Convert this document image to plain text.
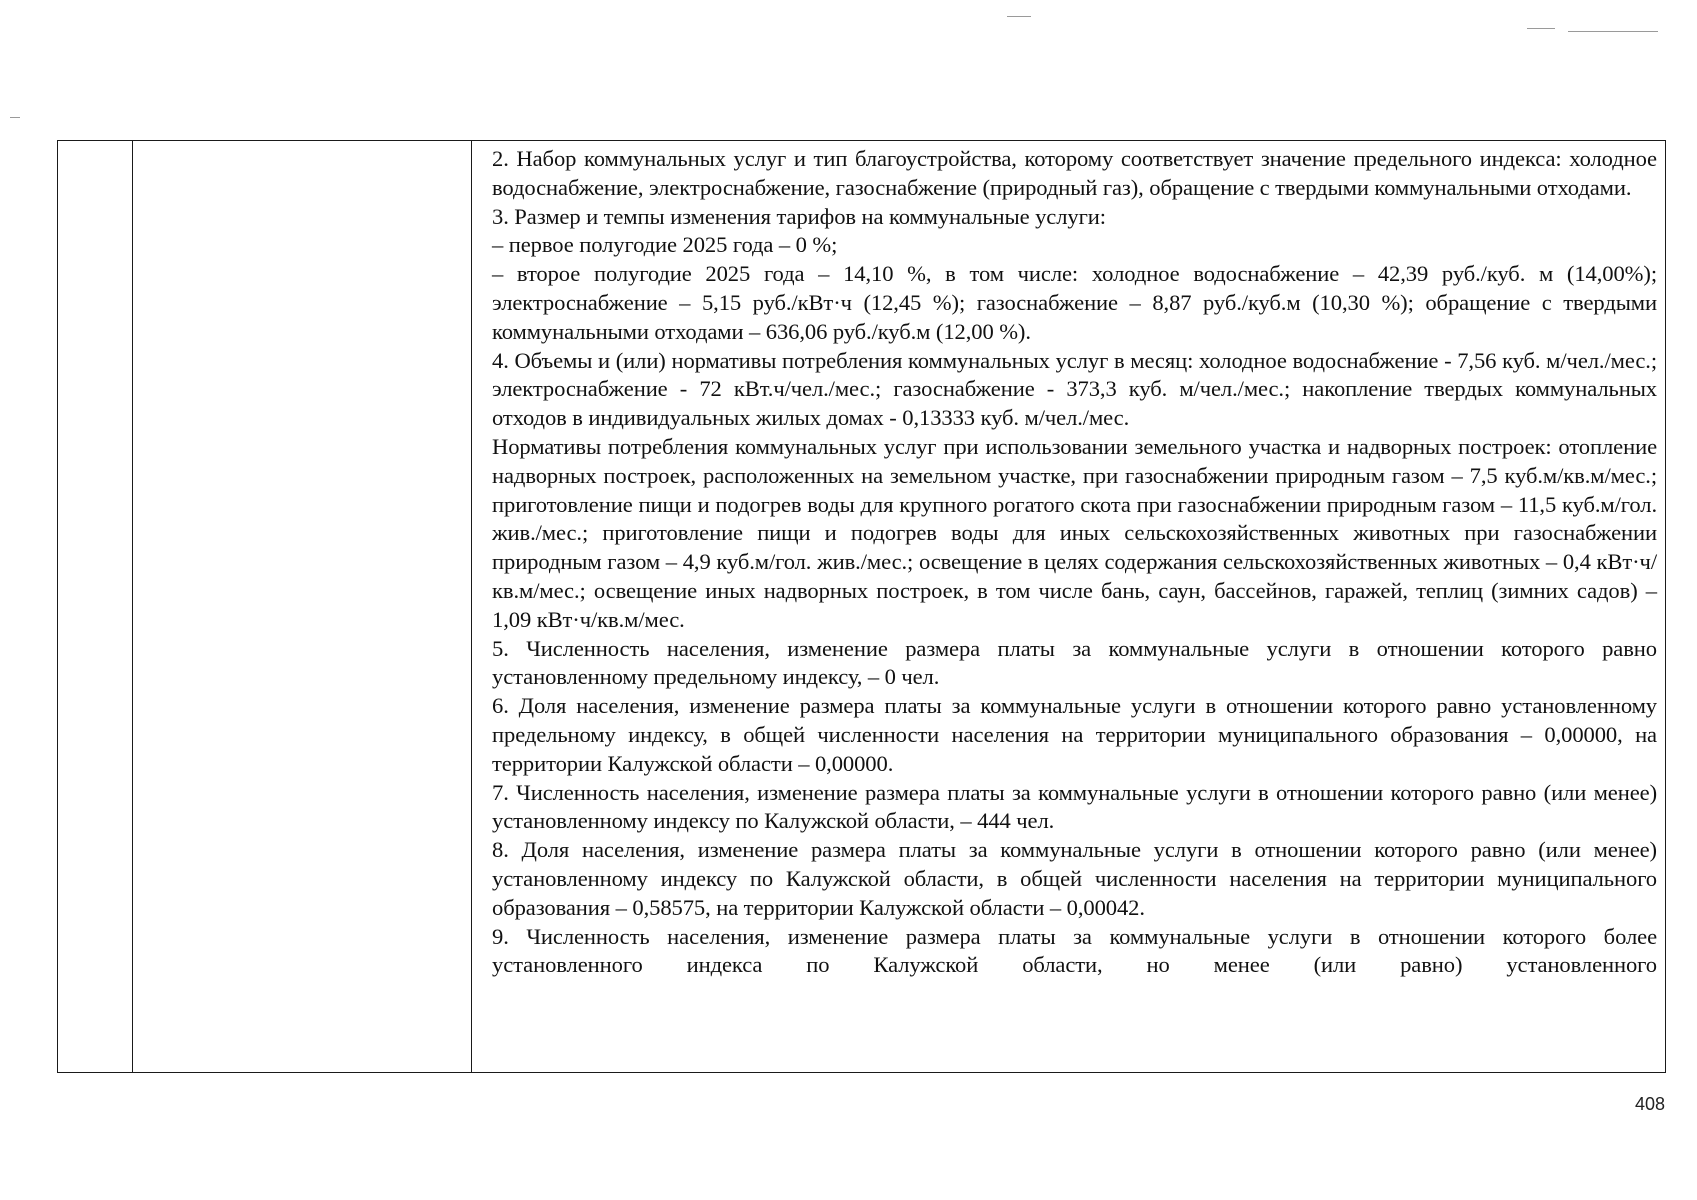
2. Набор коммунальных услуг и тип благоустройства, которому соответствует значение предельного индекса: холодное водоснабжение, электроснабжение, газоснабжение (природный газ), обращение с твердыми коммунальными отходами.

3. Размер и темпы изменения тарифов на коммунальные услуги:

– первое полугодие 2025 года – 0 %;

– второе полугодие 2025 года – 14,10 %, в том числе: холодное водоснабжение – 42,39 руб./куб. м (14,00%); электроснабжение – 5,15 руб./кВт·ч (12,45 %); газоснабжение – 8,87 руб./куб.м (10,30 %); обращение с твердыми коммунальными отходами – 636,06 руб./куб.м (12,00 %).

4. Объемы и (или) нормативы потребления коммунальных услуг в месяц: холодное водоснабжение - 7,56 куб. м/чел./мес.; электроснабжение - 72 кВт.ч/чел./мес.; газоснабжение - 373,3 куб. м/чел./мес.; накопление твердых коммунальных отходов в индивидуальных жилых домах - 0,13333 куб. м/чел./мес.

Нормативы потребления коммунальных услуг при использовании земельного участка и надворных построек: отопление надворных построек, расположенных на земельном участке, при газоснабжении природным газом – 7,5 куб.м/кв.м/мес.; приготовление пищи и подогрев воды для крупного рогатого скота при газоснабжении природным газом – 11,5 куб.м/гол. жив./мес.; приготовление пищи и подогрев воды для иных сельскохозяйственных животных при газоснабжении природным газом – 4,9 куб.м/гол. жив./мес.; освещение в целях содержания сельскохозяйственных животных – 0,4 кВт·ч/кв.м/мес.; освещение иных надворных построек, в том числе бань, саун, бассейнов, гаражей, теплиц (зимних садов) – 1,09 кВт·ч/кв.м/мес.

5. Численность населения, изменение размера платы за коммунальные услуги в отношении которого равно установленному предельному индексу, – 0 чел.

6. Доля населения, изменение размера платы за коммунальные услуги в отношении которого равно установленному предельному индексу, в общей численности населения на территории муниципального образования – 0,00000, на территории Калужской области – 0,00000.

7. Численность населения, изменение размера платы за коммунальные услуги в отношении которого равно (или менее) установленному индексу по Калужской области, – 444 чел.

8. Доля населения, изменение размера платы за коммунальные услуги в отношении которого равно (или менее) установленному индексу по Калужской области, в общей численности населения на территории муниципального образования – 0,58575, на территории Калужской области – 0,00042.

9. Численность населения, изменение размера платы за коммунальные услуги в отношении которого более установленного индекса по Калужской области, но менее (или равно) установленного

408
